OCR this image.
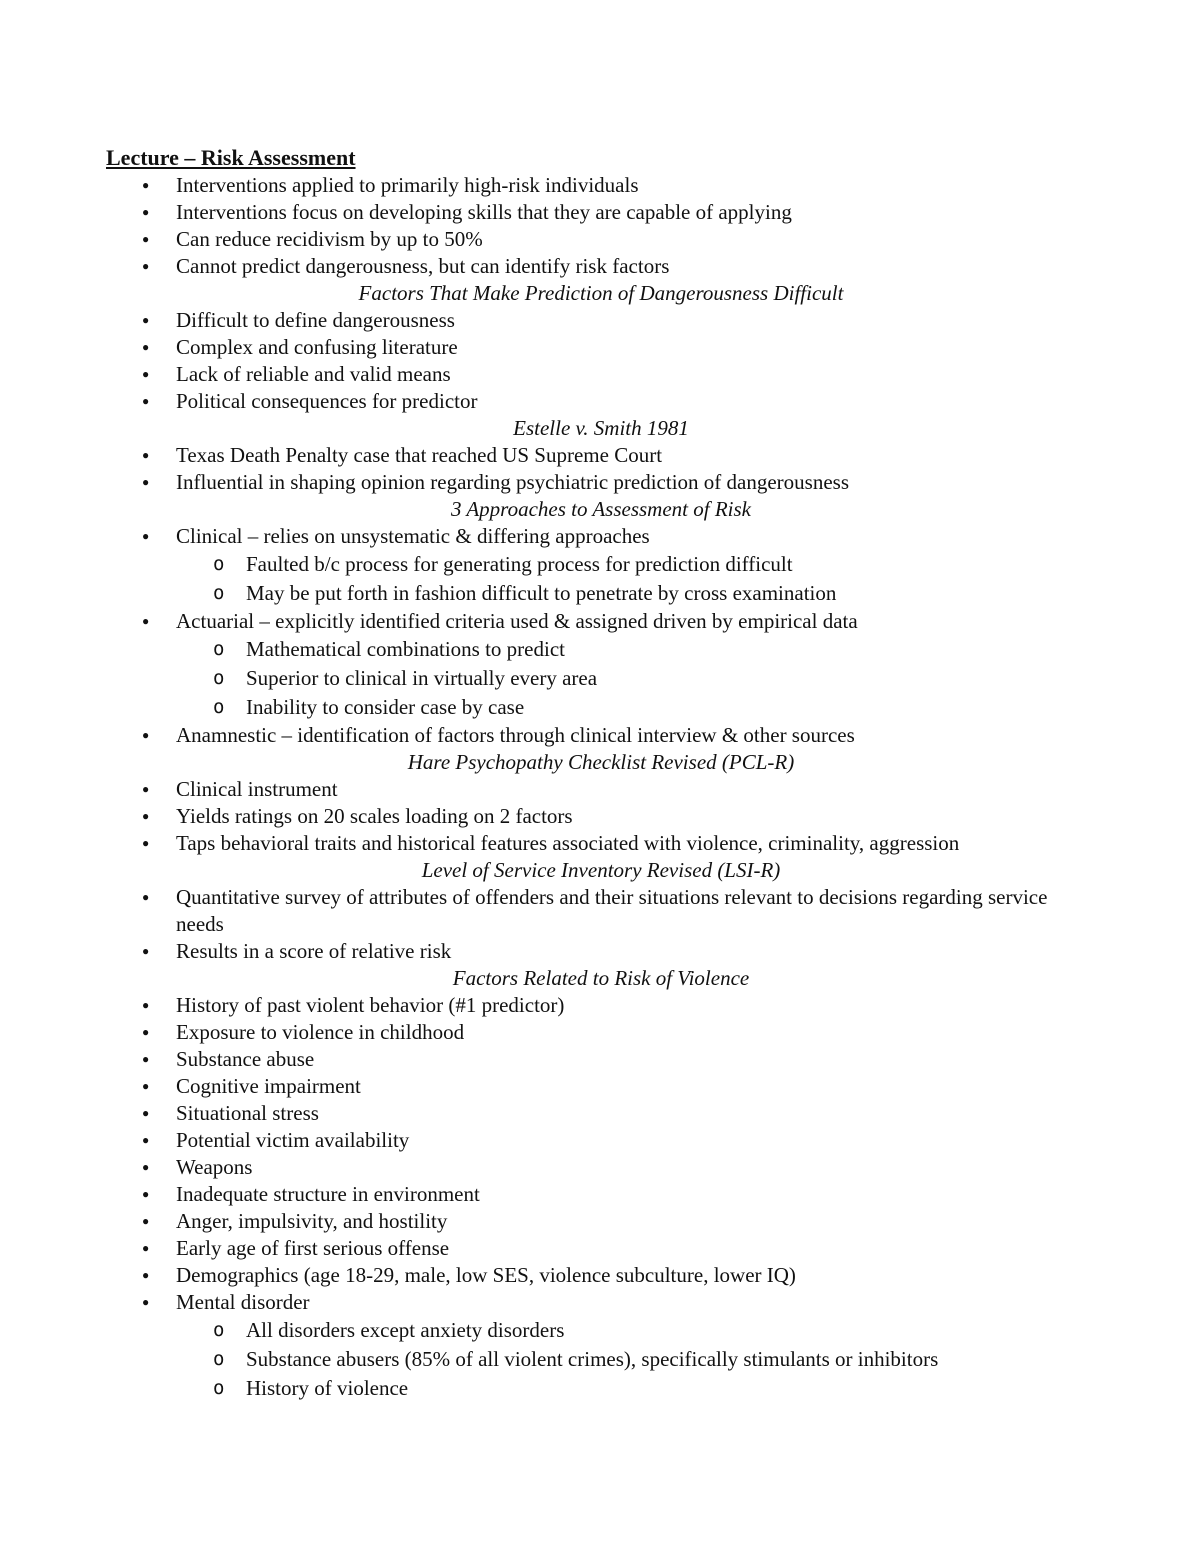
Lecture – Risk Assessment

● Interventions applied to primarily high-risk individuals
● Interventions focus on developing skills that they are capable of applying
● Can reduce recidivism by up to 50%
● Cannot predict dangerousness, but can identify risk factors
Factors That Make Prediction of Dangerousness Difficult
● Difficult to define dangerousness
● Complex and confusing literature
● Lack of reliable and valid means
● Political consequences for predictor
Estelle v. Smith 1981
● Texas Death Penalty case that reached US Supreme Court
● Influential in shaping opinion regarding psychiatric prediction of dangerousness
3 Approaches to Assessment of Risk
● Clinical – relies on unsystematic & differing approaches
o Faulted b/c process for generating process for prediction difficult
o May be put forth in fashion difficult to penetrate by cross examination
● Actuarial – explicitly identified criteria used & assigned driven by empirical data
o Mathematical combinations to predict
o Superior to clinical in virtually every area
o Inability to consider case by case
● Anamnestic – identification of factors through clinical interview & other sources
Hare Psychopathy Checklist Revised (PCL-R)
● Clinical instrument
● Yields ratings on 20 scales loading on 2 factors
● Taps behavioral traits and historical features associated with violence, criminality, aggression
Level of Service Inventory Revised (LSI-R)
● Quantitative survey of attributes of offenders and their situations relevant to decisions regarding service needs
● Results in a score of relative risk
Factors Related to Risk of Violence
● History of past violent behavior (#1 predictor)
● Exposure to violence in childhood
● Substance abuse
● Cognitive impairment
● Situational stress
● Potential victim availability
● Weapons
● Inadequate structure in environment
● Anger, impulsivity, and hostility
● Early age of first serious offense
● Demographics (age 18-29, male, low SES, violence subculture, lower IQ)
● Mental disorder
o All disorders except anxiety disorders
o Substance abusers (85% of all violent crimes), specifically stimulants or inhibitors
o History of violence
